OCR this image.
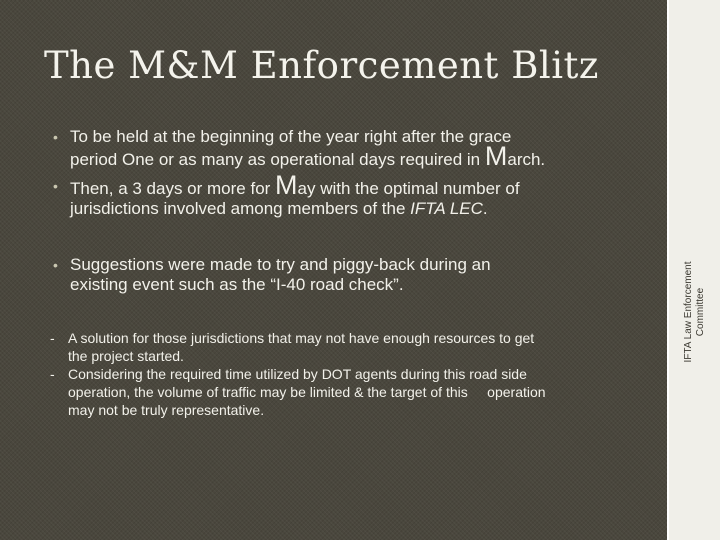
The M&M Enforcement Blitz
IFTA Law Enforcement Committee
• To be held at the beginning of the year right after the grace
period One or as many as operational days required in March.
• Then, a 3 days or more for May with the optimal number of
jurisdictions involved among members of the IFTA LEC.
• Suggestions were made to try and piggy-back during an
existing event such as the “I-40 road check”.
- A solution for those jurisdictions that may not have enough resources to get
the project started.
- Considering the required time utilized by DOT agents during this road side
operation, the volume of traffic may be limited & the target of this     operation
may not be truly representative.
